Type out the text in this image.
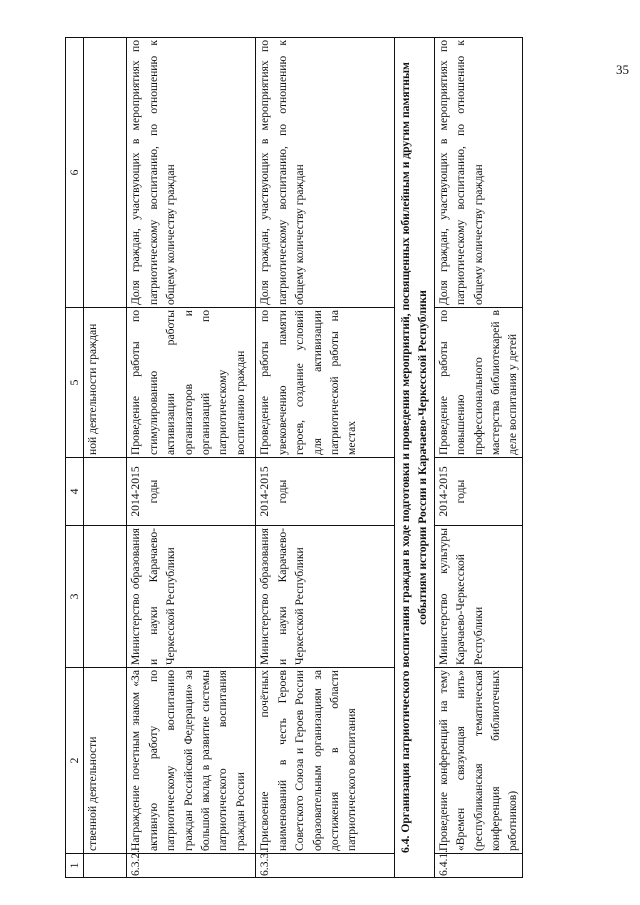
35
1	2	3	4	5	6
	ственной деятельности			ной деятельности граждан	
6.3.2.	Награждение почетным знаком «За активную работу по патриотическому воспитанию граждан Российской Федерации» за большой вклад в развитие системы патриотического воспитания граждан России	Министерство образования и науки Карачаево-Черкесской Республики	2014-2015 годы	Проведение работы по стимулированию активизации работы организаторов и организаций по патриотическому воспитанию граждан	Доля граждан, участвующих в мероприятиях по патриотическому воспитанию, по отношению к общему количеству граждан
6.3.3.	Присвоение почётных наименований в честь Героев Советского Союза и Героев России образовательным организациям за достижения в области патриотического воспитания	Министерство образования и науки Карачаево-Черкесской Республики	2014-2015 годы	Проведение работы по увековечению памяти героев, создание условий для активизации патриотической работы на местах	Доля граждан, участвующих в мероприятиях по патриотическому воспитанию, по отношению к общему количеству граждан
6.4. Организация патриотического воспитания граждан в ходе подготовки и проведения мероприятий, посвященных юбилейным и другим памятным событиям истории России и Карачаево-Черкесской Республики					
6.4.1.	Проведение конференций на тему «Времен связующая нить» (республиканская тематическая конференция библиотечных работников)	Министерство культуры Карачаево-Черкесской Республики	2014-2015 годы	Проведение работы по повышению профессионального мастерства библиотекарей в деле воспитания у детей	Доля граждан, участвующих в мероприятиях по патриотическому воспитанию, по отношению к общему количеству граждан
